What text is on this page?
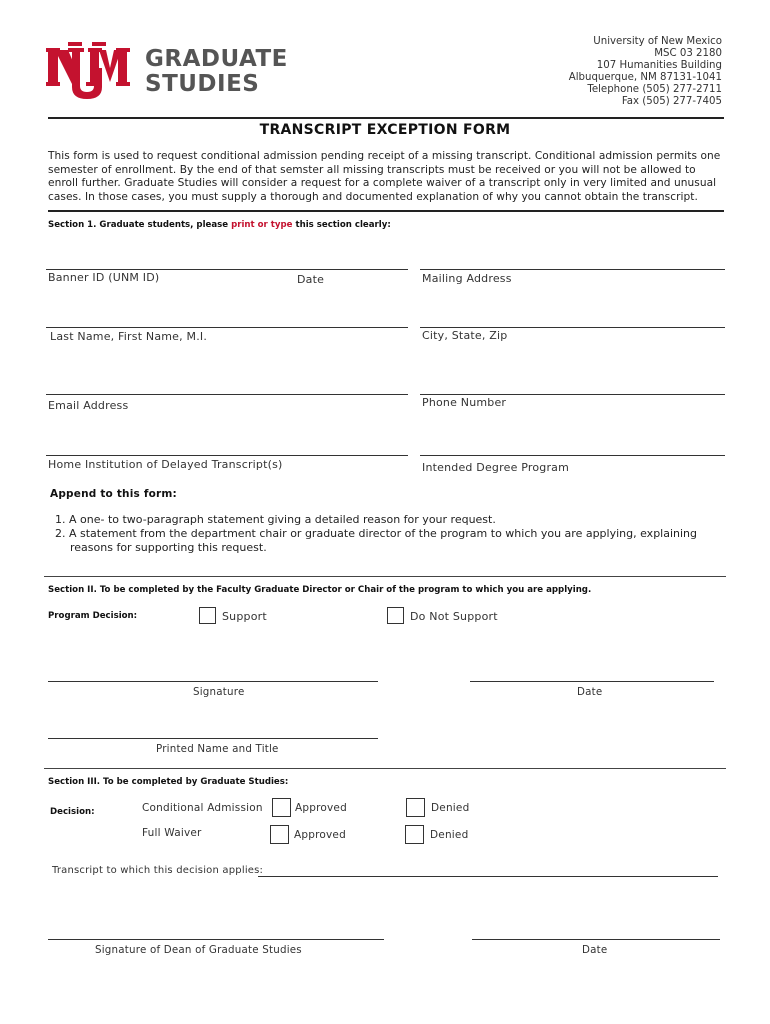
GRADUATE
STUDIES
University of New Mexico
MSC 03 2180
107 Humanities Building
Albuquerque, NM 87131-1041
Telephone (505) 277-2711
Fax (505) 277-7405
TRANSCRIPT EXCEPTION FORM
This form is used to request conditional admission pending receipt of a missing transcript. Conditional admission permits one semester of enrollment. By the end of that semster all missing transcripts must be received or you will not be allowed to enroll further. Graduate Studies will consider a request for a complete waiver of a transcript only in very limited and unusual cases. In those cases, you must supply a thorough and documented explanation of why you cannot obtain the transcript.
Section 1. Graduate students, please print or type this section clearly:
Banner ID (UNM ID)	Date	Mailing Address
Last Name, First Name, M.I.	City, State, Zip
Email Address	Phone Number
Home Institution of Delayed Transcript(s)	Intended Degree Program
Append to this form:
1. A one- to two-paragraph statement giving a detailed reason for your request.
2. A statement from the department chair or graduate director of the program to which you are applying, explaining
reasons for supporting this request.
Section II. To be completed by the Faculty Graduate Director or Chair of the program to which you are applying.
Program Decision:	Support	Do Not Support
Signature	Date
Printed Name and Title
Section III. To be completed by Graduate Studies:
Decision:	Conditional Admission	Approved	Denied
Full Waiver	Approved	Denied
Transcript to which this decision applies:
Signature of Dean of Graduate Studies	Date
